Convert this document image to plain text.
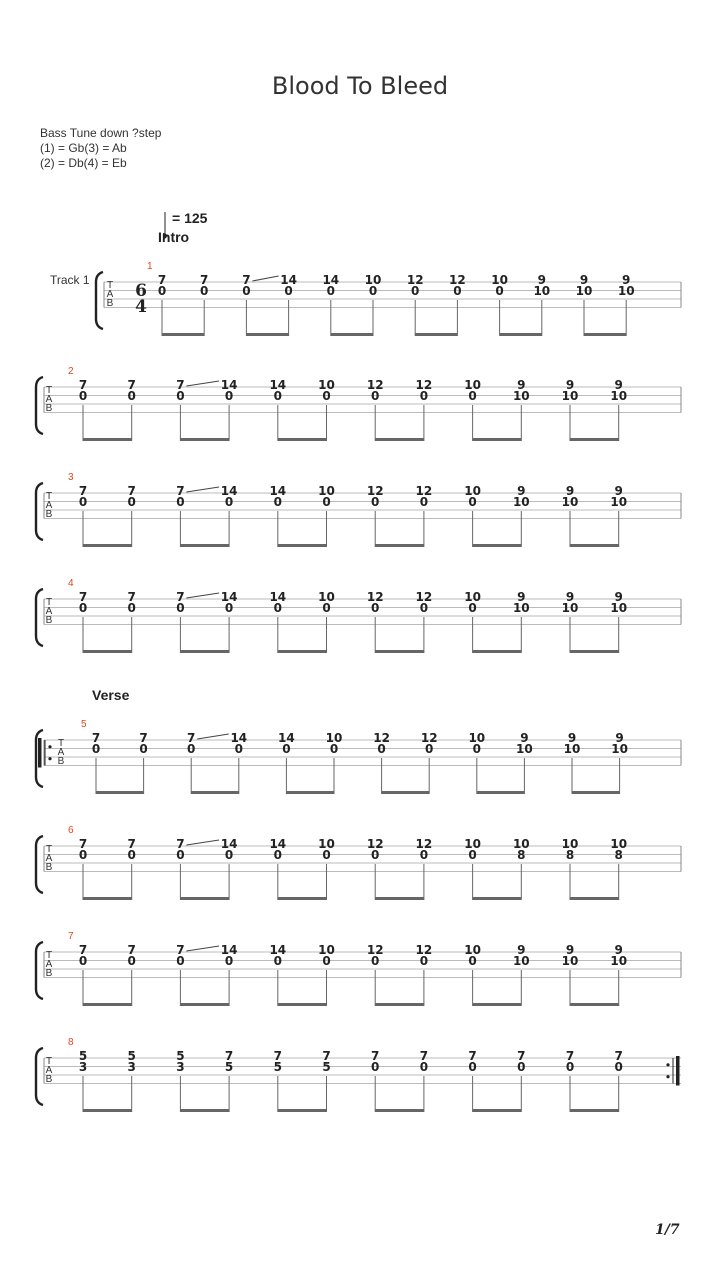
Blood To Bleed
Bass Tune down ?step
(1) = Gb(3) = Ab
(2) = Db(4) = Eb
= 125
Intro
Verse
Track 1 T
A
B
6
4
1
7	7	7 14 14 10 12 12 10 9	9	9
0	0	0	0	0	0	0	0	0 10 10 10
T
A
B
2
7	7	7	14	14	10	12	12	10	9	9	9
0	0	0	0	0	0	0	0	0	10	10	10
T
A
B
3
7	7	7	14	14	10	12	12	10	9	9	9
0	0	0	0	0	0	0	0	0	10	10	10
T
A
B
4
7	7	7	14	14	10	12	12	10	9	9	9
0	0	0	0	0	0	0	0	0	10	10	10
T
A
B
5
7	7	7	14	14	10	12	12	10	9	9	9
0	0	0	0	0	0	0	0	0	10	10	10
T
A
B
6
7	7	7	14	14	10	12	12	10	10	10	10
0	0	0	0	0	0	0	0	0	8	8	8
T
A
B
7
7	7	7	14	14	10	12	12	10	9	9	9
0	0	0	0	0	0	0	0	0	10	10	10
T
A
B
8
5	5	5	7	7	7	7	7	7	7	7	7
3	3	3	5	5	5	0	0	0	0	0	0
1/7
